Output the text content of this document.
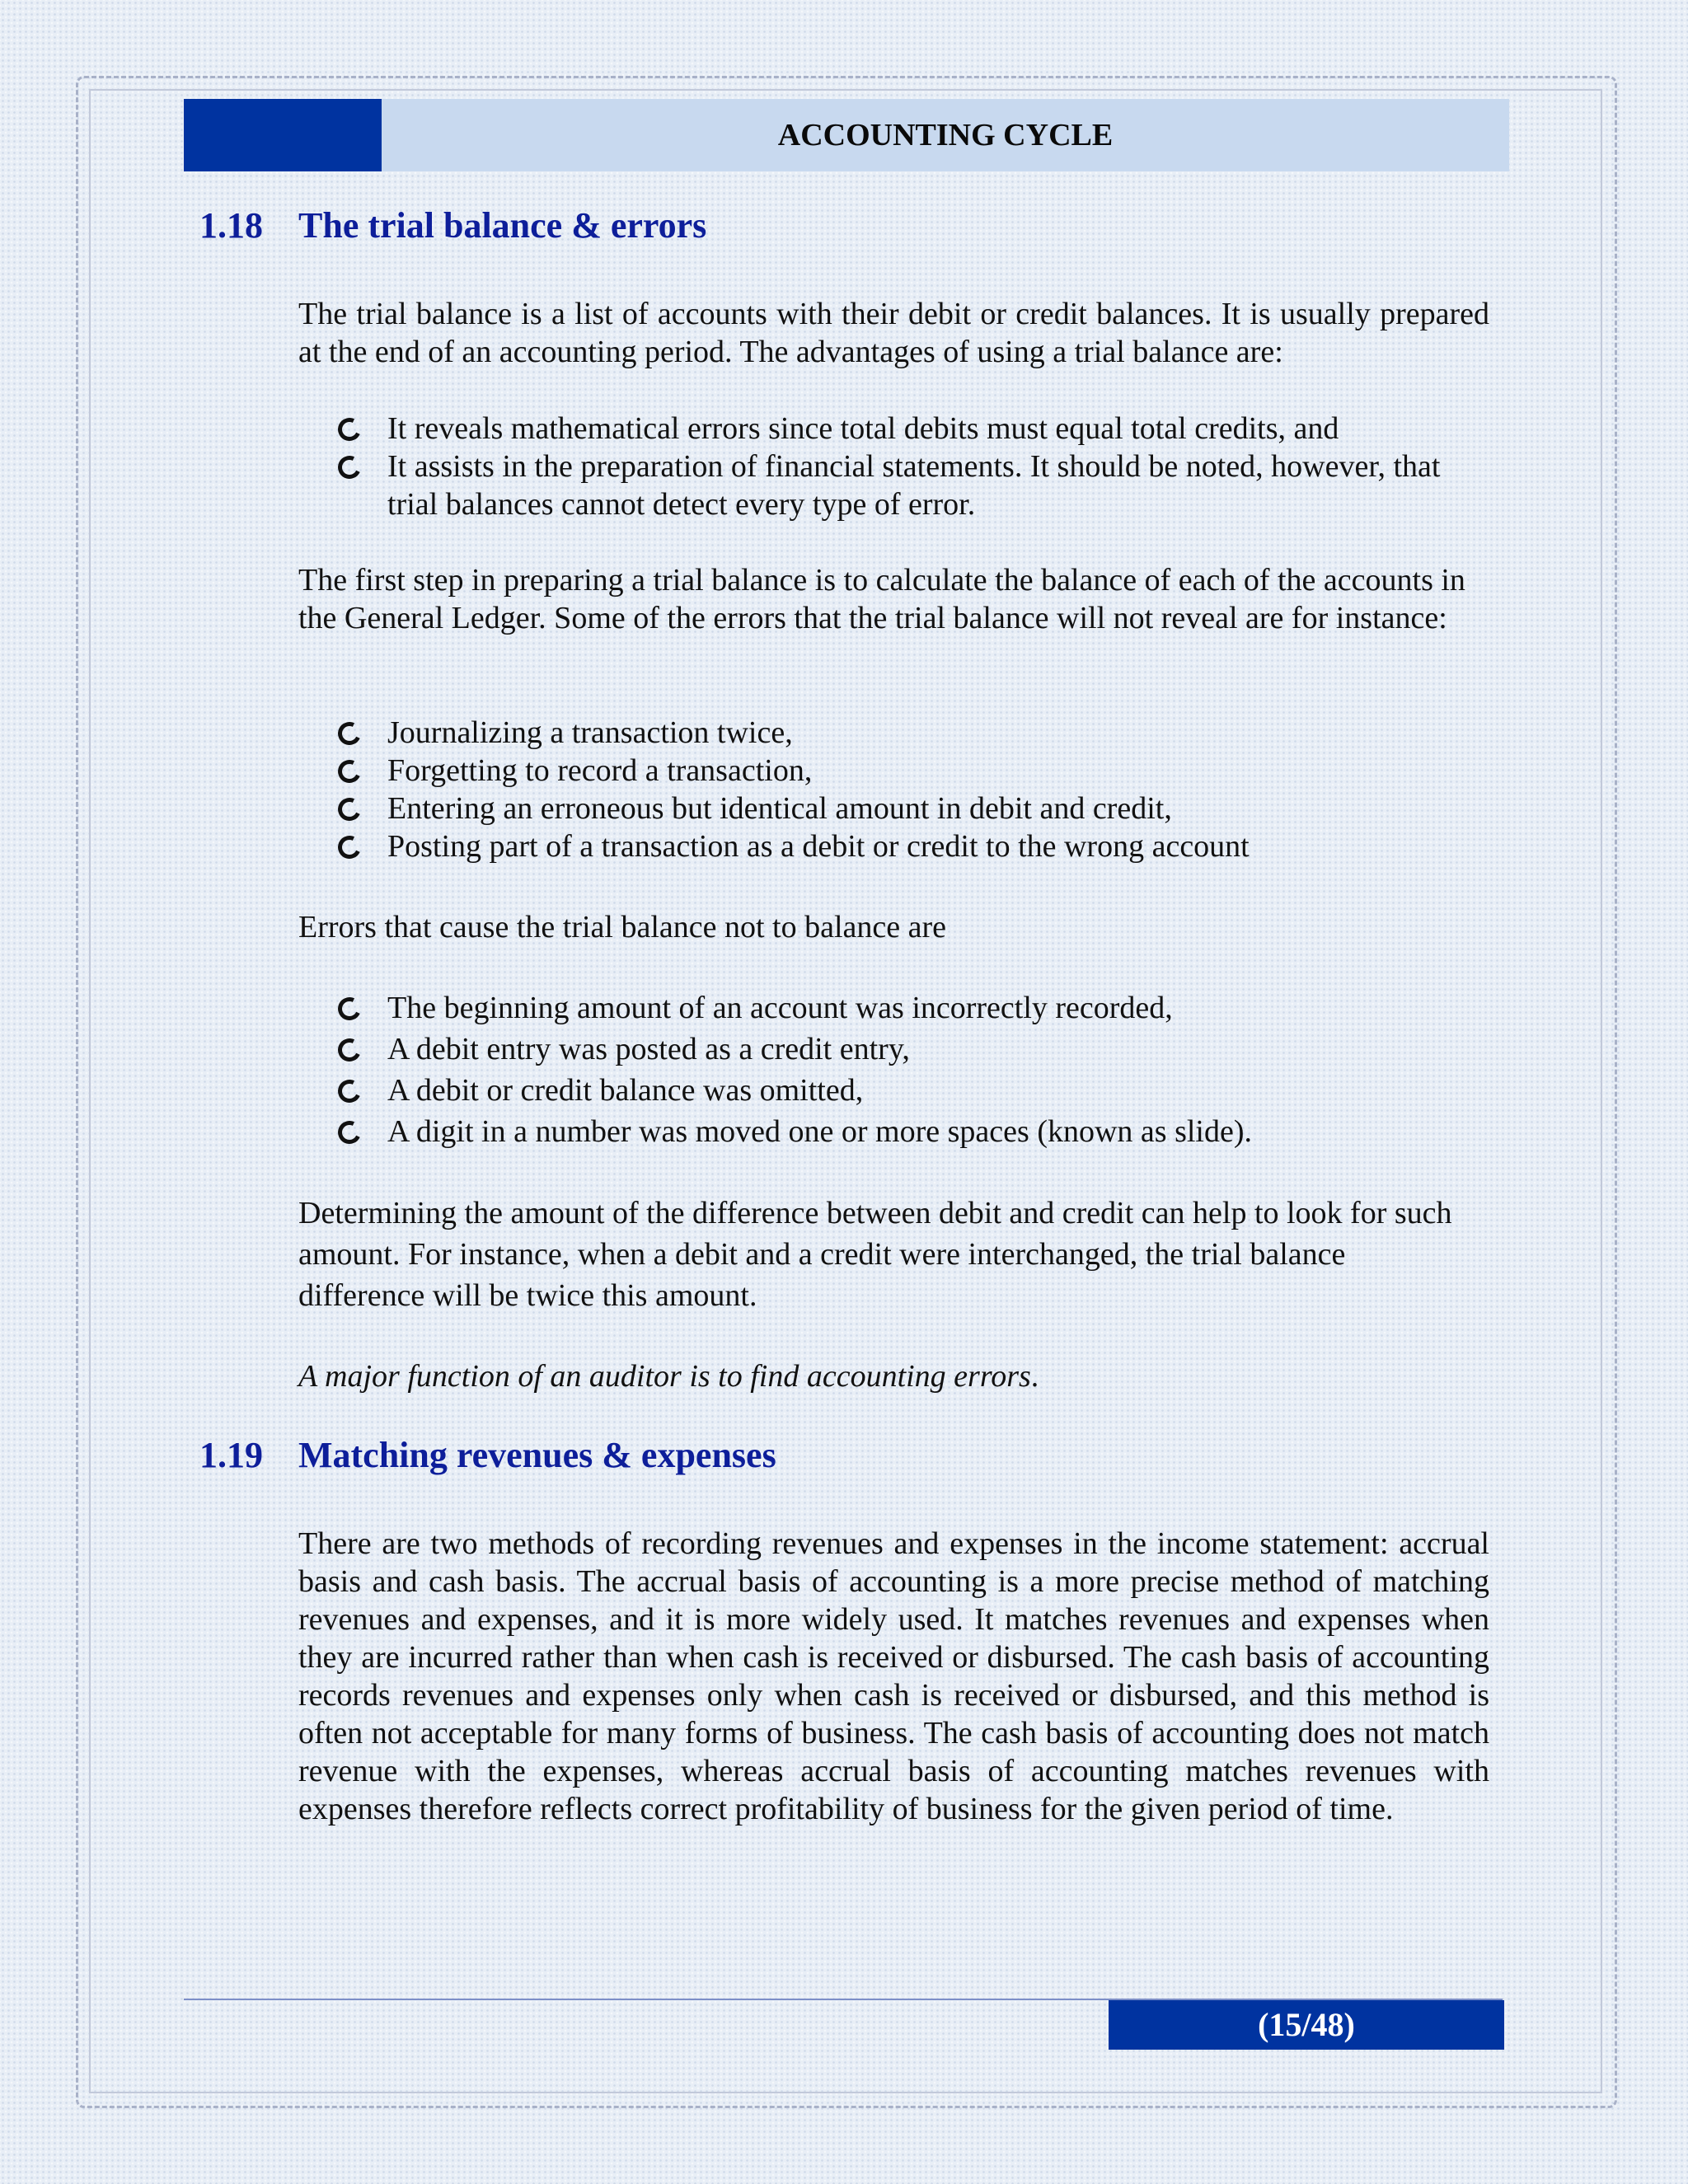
ACCOUNTING CYCLE
1.18 The trial balance & errors

The trial balance is a list of accounts with their debit or credit balances. It is usually prepared at the end of an accounting period. The advantages of using a trial balance are:

It reveals mathematical errors since total debits must equal total credits, and
It assists in the preparation of financial statements. It should be noted, however, that trial balances cannot detect every type of error.

The first step in preparing a trial balance is to calculate the balance of each of the accounts in the General Ledger. Some of the errors that the trial balance will not reveal are for instance:

Journalizing a transaction twice,
Forgetting to record a transaction,
Entering an erroneous but identical amount in debit and credit,
Posting part of a transaction as a debit or credit to the wrong account

Errors that cause the trial balance not to balance are

The beginning amount of an account was incorrectly recorded,
A debit entry was posted as a credit entry,
A debit or credit balance was omitted,
A digit in a number was moved one or more spaces (known as slide).

Determining the amount of the difference between debit and credit can help to look for such amount. For instance, when a debit and a credit were interchanged, the trial balance difference will be twice this amount.

A major function of an auditor is to find accounting errors.

1.19 Matching revenues & expenses

There are two methods of recording revenues and expenses in the income statement: accrual basis and cash basis. The accrual basis of accounting is a more precise method of matching revenues and expenses, and it is more widely used. It matches revenues and expenses when they are incurred rather than when cash is received or disbursed. The cash basis of accounting records revenues and expenses only when cash is received or disbursed, and this method is often not acceptable for many forms of business. The cash basis of accounting does not match revenue with the expenses, whereas accrual basis of accounting matches revenues with expenses therefore reflects correct profitability of business for the given period of time.

(15/48)
